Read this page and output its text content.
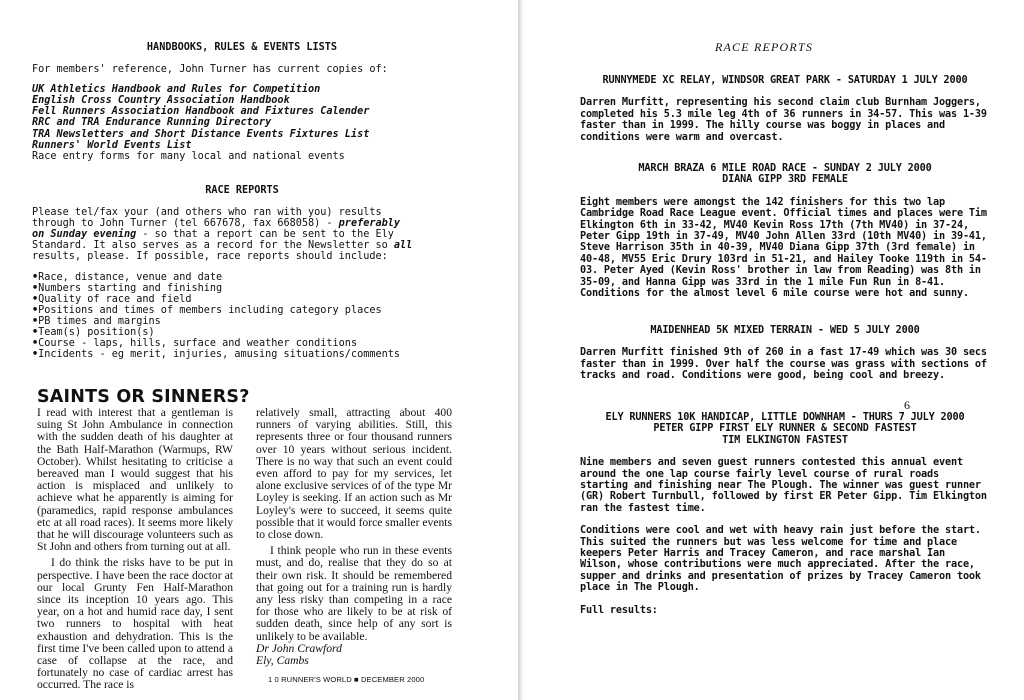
HANDBOOKS, RULES & EVENTS LISTS
For members' reference, John Turner has current copies of:
UK Athletics Handbook and Rules for Competition
English Cross Country Association Handbook
Fell Runners Association Handbook and Fixtures Calender
RRC and TRA Endurance Running Directory
TRA Newsletters and Short Distance Events Fixtures List
Runners' World Events List
Race entry forms for many local and national events
RACE REPORTS
Please tel/fax your (and others who ran with you) results
through to John Turner (tel 667678, fax 668058) - preferably
on Sunday evening - so that a report can be sent to the Ely
Standard. It also serves as a record for the Newsletter so all
results, please. If possible, race reports should include:
• Race, distance, venue and date
• Numbers starting and finishing
• Quality of race and field
• Positions and times of members including category places
• PB times and margins
• Team(s) position(s)
• Course - laps, hills, surface and weather conditions
• Incidents - eg merit, injuries, amusing situations/comments
SAINTS OR SINNERS?

I read with interest that a gentleman is suing St John Ambulance in connection with the sudden death of his daughter at the Bath Half-Marathon (Warmups, RW October). Whilst hesitating to criticise a bereaved man I would suggest that his action is misplaced and unlikely to achieve what he apparently is aiming for (paramedics, rapid response ambulances etc at all road races). It seems more likely that he will discourage volunteers such as St John and others from turning out at all.

I do think the risks have to be put in perspective. I have been the race doctor at our local Grunty Fen Half-Marathon since its inception 10 years ago. This year, on a hot and humid race day, I sent two runners to hospital with heat exhaustion and dehydration. This is the first time I've been called upon to attend a case of collapse at the race, and fortunately no case of cardiac arrest has occurred. The race is

relatively small, attracting about 400 runners of varying abilities. Still, this represents three or four thousand runners over 10 years without serious incident. There is no way that such an event could even afford to pay for my services, let alone exclusive services of of the type Mr Loyley is seeking. If an action such as Mr Loyley's were to succeed, it seems quite possible that it would force smaller events to close down.

I think people who run in these events must, and do, realise that they do so at their own risk. It should be remembered that going out for a training run is hardly any less risky than competing in a race for those who are likely to be at risk of sudden death, since help of any sort is unlikely to be available.

Dr John Crawford

Ely, Cambs

1 0 RUNNER'S WORLD ■ DECEMBER 2000
RACE REPORTS
RUNNYMEDE XC RELAY, WINDSOR GREAT PARK - SATURDAY 1 JULY 2000
Darren Murfitt, representing his second claim club Burnham Joggers, completed his 5.3 mile leg 4th of 36 runners in 34-57. This was 1-39 faster than in 1999. The hilly course was boggy in places and conditions were warm and overcast.
MARCH BRAZA 6 MILE ROAD RACE - SUNDAY 2 JULY 2000
DIANA GIPP 3RD FEMALE
Eight members were amongst the 142 finishers for this two lap Cambridge Road Race League event. Official times and places were Tim Elkington 6th in 33-42, MV40 Kevin Ross 17th (7th MV40) in 37-24, Peter Gipp 19th in 37-49, MV40 John Allen 33rd (10th MV40) in 39-41, Steve Harrison 35th in 40-39, MV40 Diana Gipp 37th (3rd female) in 40-48, MV55 Eric Drury 103rd in 51-21, and Hailey Tooke 119th in 54-03. Peter Ayed (Kevin Ross' brother in law from Reading) was 8th in 35-09, and Hanna Gipp was 33rd in the 1 mile Fun Run in 8-41. Conditions for the almost level 6 mile course were hot and sunny.
MAIDENHEAD 5K MIXED TERRAIN - WED 5 JULY 2000
Darren Murfitt finished 9th of 260 in a fast 17-49 which was 30 secs faster than in 1999. Over half the course was grass with sections of tracks and road. Conditions were good, being cool and breezy.
6
ELY RUNNERS 10K HANDICAP, LITTLE DOWNHAM - THURS 7 JULY 2000
PETER GIPP FIRST ELY RUNNER & SECOND FASTEST
TIM ELKINGTON FASTEST
Nine members and seven guest runners contested this annual event around the one lap course fairly level course of rural roads starting and finishing near The Plough. The winner was guest runner (GR) Robert Turnbull, followed by first ER Peter Gipp. Tim Elkington ran the fastest time.
Conditions were cool and wet with heavy rain just before the start. This suited the runners but was less welcome for time and place keepers Peter Harris and Tracey Cameron, and race marshal Ian Wilson, whose contributions were much appreciated. After the race, supper and drinks and presentation of prizes by Tracey Cameron took place in The Plough.
Full results:
